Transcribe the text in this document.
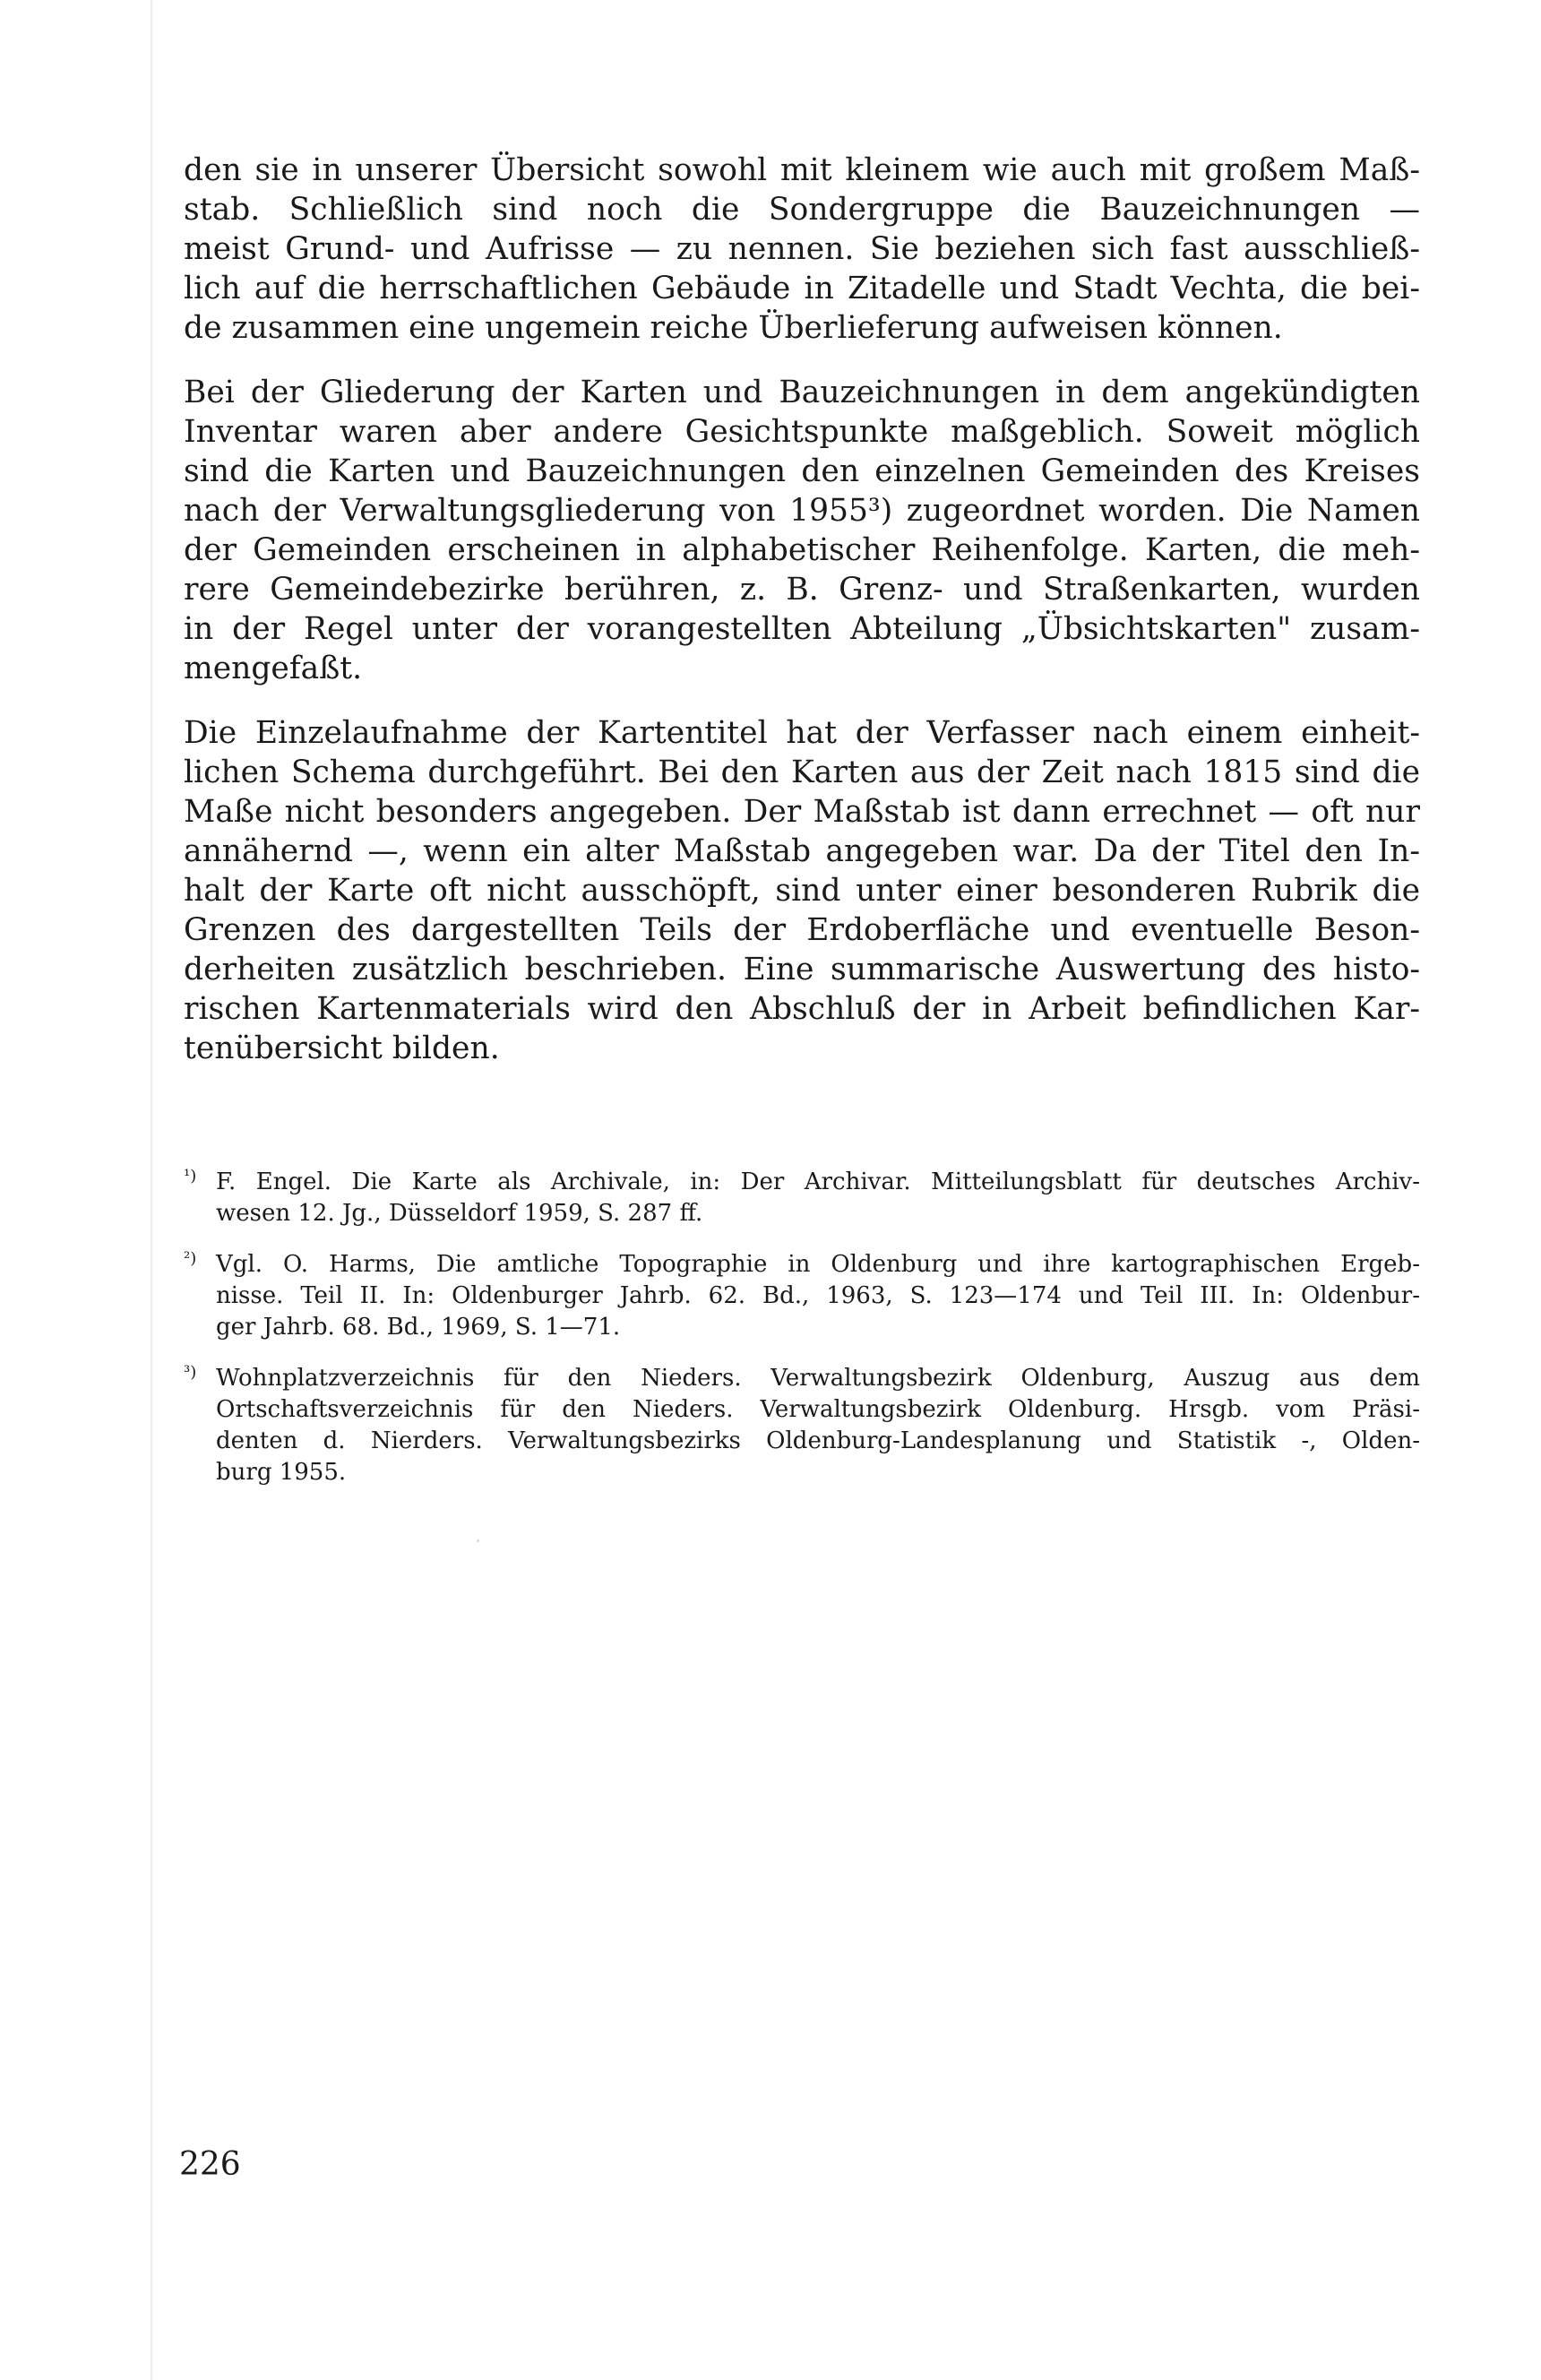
den sie in unserer Übersicht sowohl mit kleinem wie auch mit großem Maß-
stab. Schließlich sind noch die Sondergruppe die Bauzeichnungen —
meist Grund- und Aufrisse — zu nennen. Sie beziehen sich fast ausschließ-
lich auf die herrschaftlichen Gebäude in Zitadelle und Stadt Vechta, die bei-
de zusammen eine ungemein reiche Überlieferung aufweisen können.

Bei der Gliederung der Karten und Bauzeichnungen in dem angekündigten
Inventar waren aber andere Gesichtspunkte maßgeblich. Soweit möglich
sind die Karten und Bauzeichnungen den einzelnen Gemeinden des Kreises
nach der Verwaltungsgliederung von 1955³) zugeordnet worden. Die Namen
der Gemeinden erscheinen in alphabetischer Reihenfolge. Karten, die meh-
rere Gemeindebezirke berühren, z. B. Grenz- und Straßenkarten, wurden
in der Regel unter der vorangestellten Abteilung „Übsichtskarten" zusam-
mengefaßt.

Die Einzelaufnahme der Kartentitel hat der Verfasser nach einem einheit-
lichen Schema durchgeführt. Bei den Karten aus der Zeit nach 1815 sind die
Maße nicht besonders angegeben. Der Maßstab ist dann errechnet — oft nur
annähernd —, wenn ein alter Maßstab angegeben war. Da der Titel den In-
halt der Karte oft nicht ausschöpft, sind unter einer besonderen Rubrik die
Grenzen des dargestellten Teils der Erdoberfläche und eventuelle Beson-
derheiten zusätzlich beschrieben. Eine summarische Auswertung des histo-
rischen Kartenmaterials wird den Abschluß der in Arbeit befindlichen Kar-
tenübersicht bilden.

¹) F. Engel. Die Karte als Archivale, in: Der Archivar. Mitteilungsblatt für deutsches Archiv-
wesen 12. Jg., Düsseldorf 1959, S. 287 ff.
²) Vgl. O. Harms, Die amtliche Topographie in Oldenburg und ihre kartographischen Ergeb-
nisse. Teil II. In: Oldenburger Jahrb. 62. Bd., 1963, S. 123—174 und Teil III. In: Oldenbur-
ger Jahrb. 68. Bd., 1969, S. 1—71.
³) Wohnplatzverzeichnis für den Nieders. Verwaltungsbezirk Oldenburg, Auszug aus dem
Ortschaftsverzeichnis für den Nieders. Verwaltungsbezirk Oldenburg. Hrsgb. vom Präsi-
denten d. Nierders. Verwaltungsbezirks Oldenburg-Landesplanung und Statistik -, Olden-
burg 1955.
226
